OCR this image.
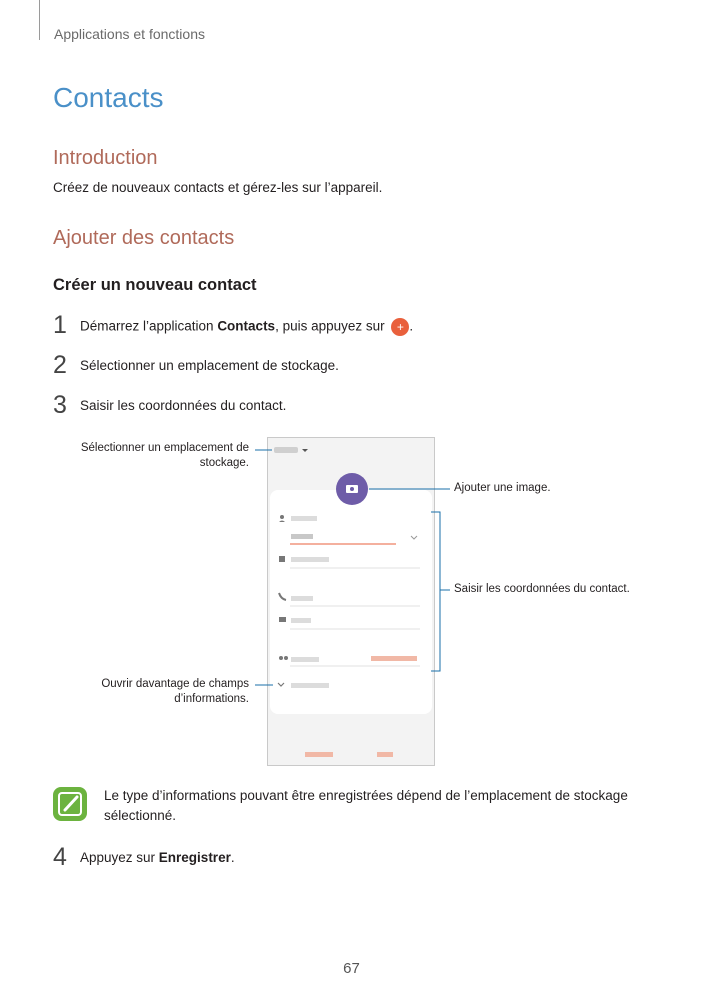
Applications et fonctions
Contacts
Introduction
Créez de nouveaux contacts et gérez-les sur l’appareil.
Ajouter des contacts
Créer un nouveau contact
1 Démarrez l’application Contacts, puis appuyez sur + .
2 Sélectionner un emplacement de stockage.
3 Saisir les coordonnées du contact.
Sélectionner un emplacement de
stockage.
Ajouter une image.
Saisir les coordonnées du contact.
Ouvrir davantage de champs
d’informations.
Le type d’informations pouvant être enregistrées dépend de l’emplacement de stockage
sélectionné.
4 Appuyez sur Enregistrer.
67
